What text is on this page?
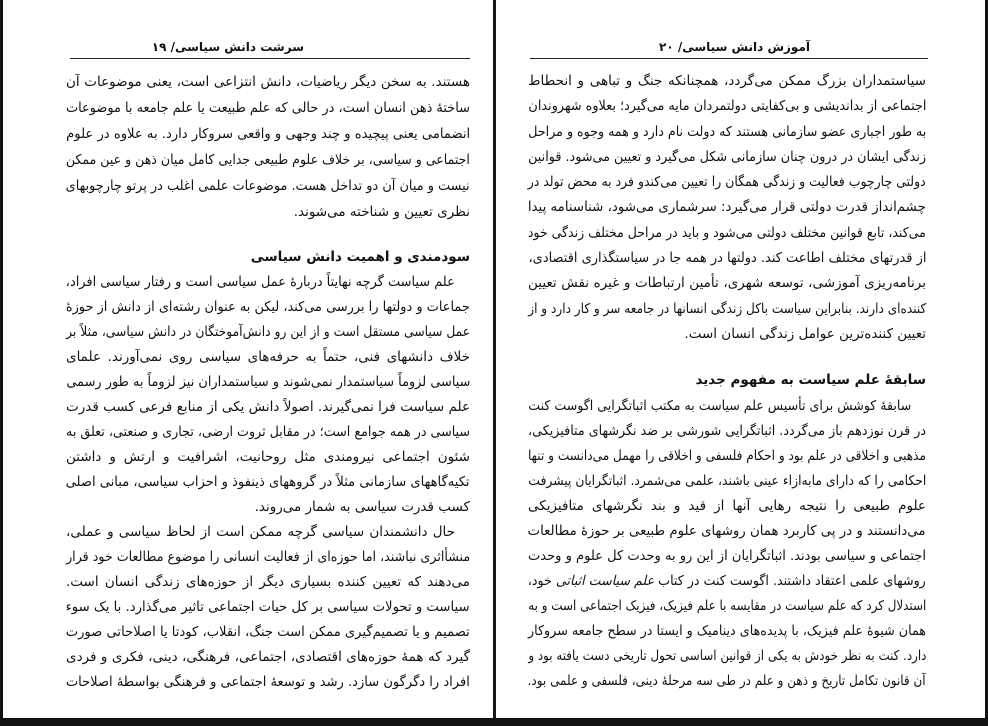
سرشت دانش سیاسی/ ۱۹
هستند. به سخن دیگر ریاضیات، دانش انتزاعی است، یعنی موضوعات آن
ساختهٔ ذهن انسان است، در حالی که علم طبیعت یا علم جامعه با موضوعات
انضمامی یعنی پیچیده و چند وجهی و واقعی سروکار دارد. به علاوه در علوم
اجتماعی و سیاسی، بر خلاف علوم طبیعی جدایی کامل میان ذهن و عین ممکن
نیست و میان آن دو تداخل هست. موضوعات علمی اغلب در پرتو چارچوبهای
نظری تعیین و شناخته می‌شوند.
سودمندی و اهمیت دانش سیاسی
علم سیاست گرچه نهایتاً دربارهٔ عمل سیاسی است و رفتار سیاسی افراد،
جماعات و دولتها را بررسی می‌کند، لیکن به عنوان رشته‌ای از دانش از حوزهٔ
عمل سیاسی مستقل است و از این رو دانش‌آموختگان در دانش سیاسی، مثلاً بر
خلاف دانشهای فنی، حتماً به حرفه‌های سیاسی روی نمی‌آورند. علمای
سیاسی لزوماً سیاستمدار نمی‌شوند و سیاستمداران نیز لزوماً به طور رسمی
علم سیاست فرا نمی‌گیرند. اصولاً دانش یکی از منابع فرعی کسب قدرت
سیاسی در همه جوامع است؛ در مقابل ثروت ارضی، تجاری و صنعتی، تعلق به
شئون اجتماعی نیرومندی مثل روحانیت، اشرافیت و ارتش و داشتن
تکیه‌گاههای سازمانی مثلاً در گروههای ذینفوذ و احزاب سیاسی، مبانی اصلی
کسب قدرت سیاسی به شمار می‌روند.
حال دانشمندان سیاسی گرچه ممکن است از لحاظ سیاسی و عملی،
منشأاثری نباشند، اما حوزه‌ای از فعالیت انسانی را موضوع مطالعات خود قرار
می‌دهند که تعیین کننده بسیاری دیگر از حوزه‌های زندگی انسان است.
سیاست و تحولات سیاسی بر کل حیات اجتماعی تاثیر می‌گذارد. با یک سوء
تصمیم و یا تصمیم‌گیری ممکن است جنگ، انقلاب، کودتا یا اصلاحاتی صورت
گیرد که همهٔ حوزه‌های اقتصادی، اجتماعی، فرهنگی، دینی، فکری و فردی
افراد را دگرگون سازد. رشد و توسعهٔ اجتماعی و فرهنگی بواسطهٔ اصلاحات
آموزش دانش سیاسی/ ۲۰
سیاستمداران بزرگ ممکن می‌گردد، همچنانکه جنگ و تباهی و انحطاط
اجتماعی از بداندیشی و بی‌کفایتی دولتمردان مایه می‌گیرد؛ بعلاوه شهروندان
به طور اجباری عضو سازمانی هستند که دولت نام دارد و همه وجوه و مراحل
زندگی ایشان در درون چنان سازمانی شکل می‌گیرد و تعیین می‌شود. قوانین
دولتی چارچوب فعالیت و زندگی همگان را تعیین می‌کندو فرد به محض تولد در
چشم‌انداز قدرت دولتی قرار می‌گیرد: سرشماری می‌شود، شناسنامه پیدا
می‌کند، تابع قوانین مختلف دولتی می‌شود و باید در مراحل مختلف زندگی خود
از قدرتهای مختلف اطاعت کند. دولتها در همه جا در سیاستگذاری اقتصادی،
برنامه‌ریزی آموزشی، توسعه شهری، تأمین ارتباطات و غیره نقش تعیین
کننده‌ای دارند. بنابراین سیاست باکل زندگی انسانها در جامعه سر و کار دارد و از
تعیین کننده‌ترین عوامل زندگی انسان است.
سابقهٔ علم سیاست به مفهوم جدید
سابقهٔ کوشش برای تأسیس علم سیاست به مکتب اثباتگرایی اگوست کنت
در قرن نوزدهم باز می‌گردد. اثباتگرایی شورشی بر ضد نگرشهای متافیزیکی،
مذهبی و اخلاقی در علم بود و احکام فلسفی و اخلاقی را مهمل می‌دانست و تنها
احکامی را که دارای مابه‌ازاء عینی باشند، علمی می‌شمرد. اثباتگرایان پیشرفت
علوم طبیعی را نتیجه رهایی آنها از قید و بند نگرشهای متافیزیکی
می‌دانستند و در پی کاربرد همان روشهای علوم طبیعی بر حوزهٔ مطالعات
اجتماعی و سیاسی بودند. اثباتگرایان از این رو به وحدت کل علوم و وحدت
روشهای علمی اعتقاد داشتند. اگوست کنت در کتاب علم سیاست اثباتی خود،
استدلال کرد که علم سیاست در مقایسه با علم فیزیک، فیزیک اجتماعی است و به
همان شیوهٔ علم فیزیک، با پدیده‌های دینامیک و ایستا در سطح جامعه سروکار
دارد. کنت به نظر خودش به یکی از قوانین اساسی تحول تاریخی دست یافته بود و
آن قانون تکامل تاریخ و ذهن و علم در طی سه مرحلهٔ دینی، فلسفی و علمی بود.
